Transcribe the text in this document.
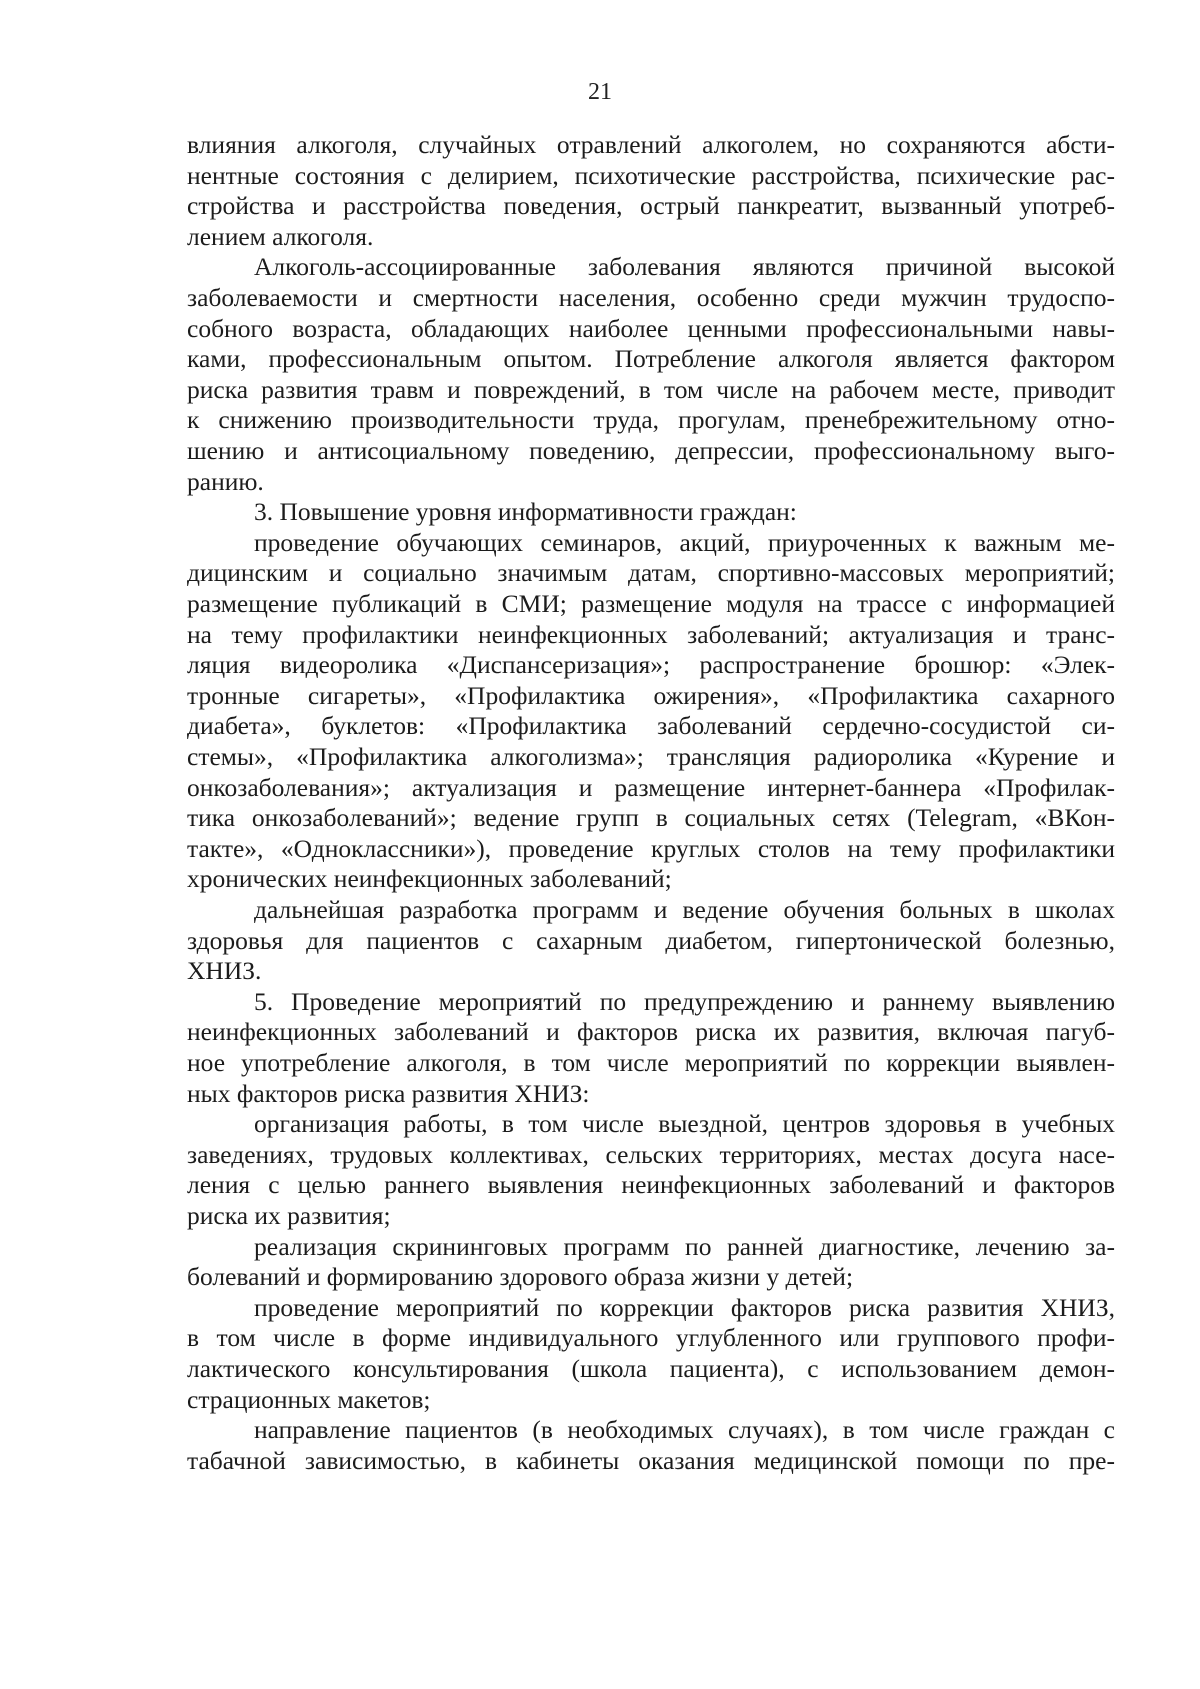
21
влияния алкоголя, случайных отравлений алкоголем, но сохраняются абсти-
нентные состояния с делирием, психотические расстройства, психические рас-
стройства и расстройства поведения, острый панкреатит, вызванный употреб-
лением алкоголя.
Алкоголь-ассоциированные заболевания являются причиной высокой
заболеваемости и смертности населения, особенно среди мужчин трудоспо-
собного возраста, обладающих наиболее ценными профессиональными навы-
ками, профессиональным опытом. Потребление алкоголя является фактором
риска развития травм и повреждений, в том числе на рабочем месте, приводит
к снижению производительности труда, прогулам, пренебрежительному отно-
шению и антисоциальному поведению, депрессии, профессиональному выго-
ранию.
3. Повышение уровня информативности граждан:
проведение обучающих семинаров, акций, приуроченных к важным ме-
дицинским и социально значимым датам, спортивно-массовых мероприятий;
размещение публикаций в СМИ; размещение модуля на трассе с информацией
на тему профилактики неинфекционных заболеваний; актуализация и транс-
ляция видеоролика «Диспансеризация»; распространение брошюр: «Элек-
тронные сигареты», «Профилактика ожирения», «Профилактика сахарного
диабета», буклетов: «Профилактика заболеваний сердечно-сосудистой си-
стемы», «Профилактика алкоголизма»; трансляция радиоролика «Курение и
онкозаболевания»; актуализация и размещение интернет-баннера «Профилак-
тика онкозаболеваний»; ведение групп в социальных сетях (Telegram, «ВКон-
такте», «Одноклассники»), проведение круглых столов на тему профилактики
хронических неинфекционных заболеваний;
дальнейшая разработка программ и ведение обучения больных в школах
здоровья для пациентов с сахарным диабетом, гипертонической болезнью,
ХНИЗ.
5. Проведение мероприятий по предупреждению и раннему выявлению
неинфекционных заболеваний и факторов риска их развития, включая пагуб-
ное употребление алкоголя, в том числе мероприятий по коррекции выявлен-
ных факторов риска развития ХНИЗ:
организация работы, в том числе выездной, центров здоровья в учебных
заведениях, трудовых коллективах, сельских территориях, местах досуга насе-
ления с целью раннего выявления неинфекционных заболеваний и факторов
риска их развития;
реализация скрининговых программ по ранней диагностике, лечению за-
болеваний и формированию здорового образа жизни у детей;
проведение мероприятий по коррекции факторов риска развития ХНИЗ,
в том числе в форме индивидуального углубленного или группового профи-
лактического консультирования (школа пациента), с использованием демон-
страционных макетов;
направление пациентов (в необходимых случаях), в том числе граждан с
табачной зависимостью, в кабинеты оказания медицинской помощи по пре-
